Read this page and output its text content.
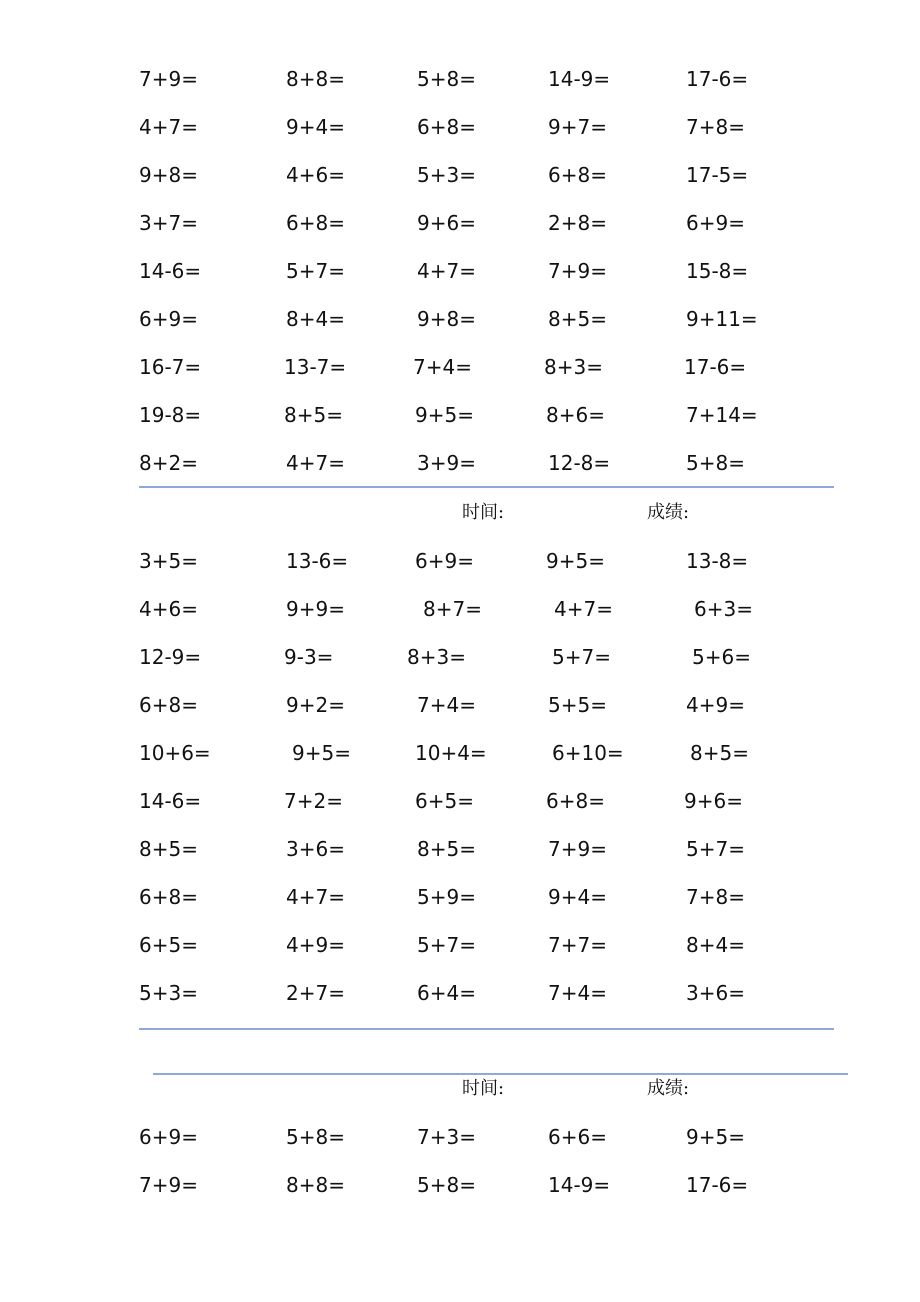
7+9=	8+8=	5+8=	14-9=	17-6=
4+7=	9+4=	6+8=	9+7=	7+8=
9+8=	4+6=	5+3=	6+8=	17-5=
3+7=	6+8=	9+6=	2+8=	6+9=
14-6=	5+7=	4+7=	7+9=	15-8=
6+9=	8+4=	9+8=	8+5=	9+11=
16-7=	13-7=	7+4=	8+3=	17-6=
19-8=	8+5=	9+5=	8+6=	7+14=
8+2=	4+7=	3+9=	12-8=	5+8=
时间:	成绩:
3+5=	13-6=	6+9=	9+5=	13-8=
4+6=	9+9=	8+7=	4+7=	6+3=
12-9=	9-3=	8+3=	5+7=	5+6=
6+8=	9+2=	7+4=	5+5=	4+9=
10+6=	9+5=	10+4=	6+10=	8+5=
14-6=	7+2=	6+5=	6+8=	9+6=
8+5=	3+6=	8+5=	7+9=	5+7=
6+8=	4+7=	5+9=	9+4=	7+8=
6+5=	4+9=	5+7=	7+7=	8+4=
5+3=	2+7=	6+4=	7+4=	3+6=
时间:	成绩:
6+9=	5+8=	7+3=	6+6=	9+5=
7+9=	8+8=	5+8=	14-9=	17-6=
